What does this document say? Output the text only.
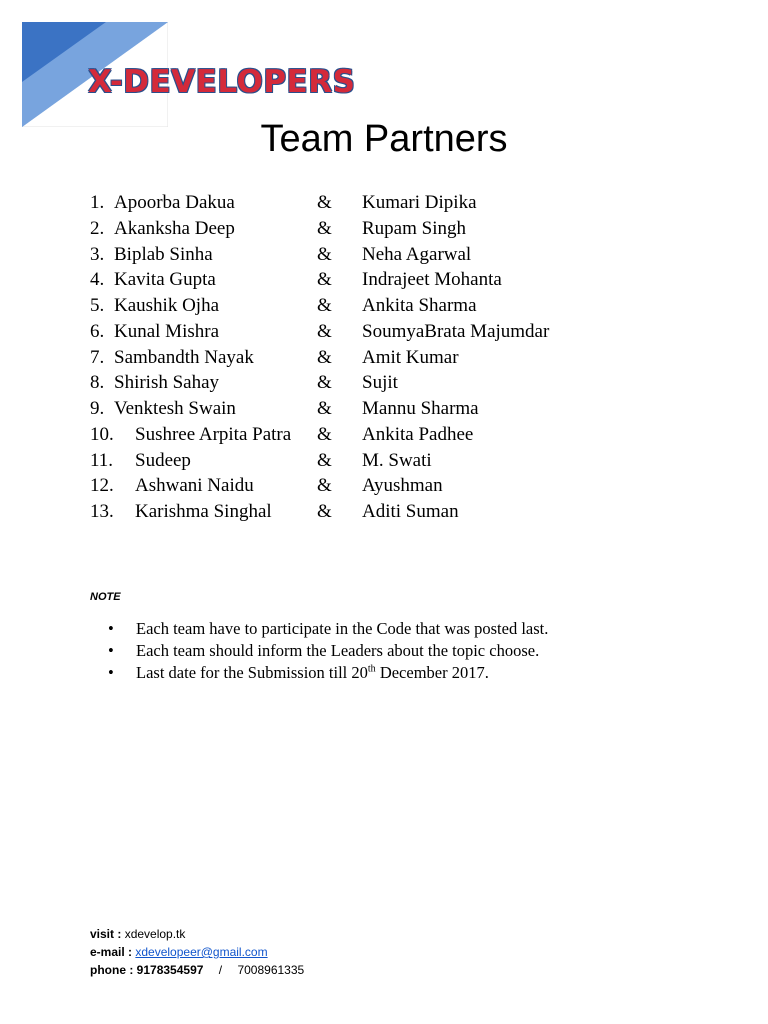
X-DEVELOPERS
Team Partners
1. Apoorba Dakua	& Kumari Dipika
2. Akanksha Deep	& Rupam Singh
3. Biplab Sinha	& Neha Agarwal
4. Kavita Gupta	& Indrajeet Mohanta
5. Kaushik Ojha	& Ankita Sharma
6. Kunal Mishra	& SoumyaBrata Majumdar
7. Sambandth Nayak	& Amit Kumar
8. Shirish Sahay	& Sujit
9. Venktesh Swain	& Mannu Sharma
10. Sushree Arpita Patra & Ankita Padhee
11. Sudeep	& M. Swati
12. Ashwani Naidu	& Ayushman
13. Karishma Singhal & Aditi Suman
NOTE
• Each team have to participate in the Code that was posted last.
• Each team should inform the Leaders about the topic choose.
• Last date for the Submission till 20th December 2017.
visit : xdevelop.tk
e-mail : xdevelopeer@gmail.com
phone : 9178354597 / 7008961335
